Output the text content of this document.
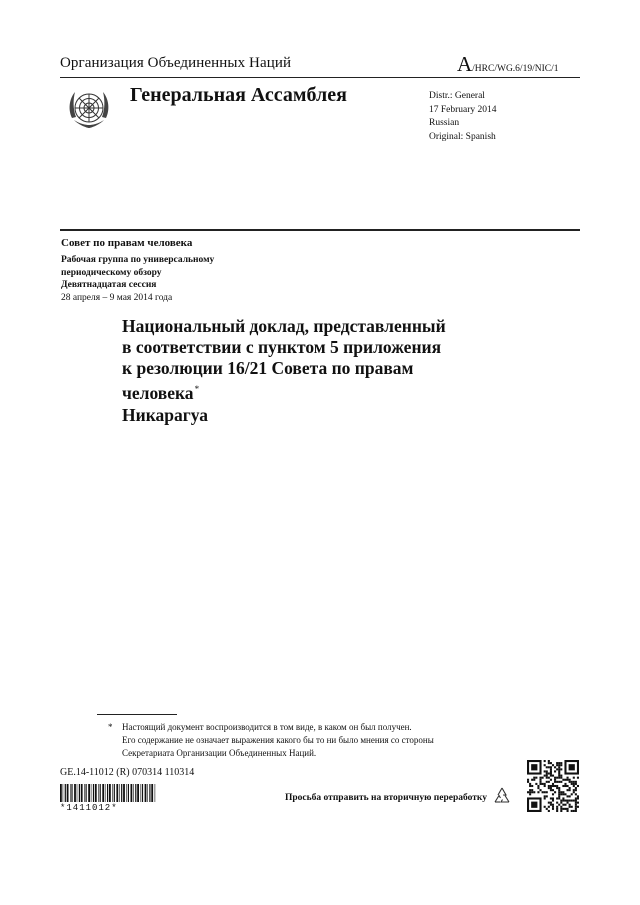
Организация Объединенных Наций	A/HRC/WG.6/19/NIC/1
Генеральная Ассамблея	Distr.: General
17 February 2014
Russian
Original: Spanish
Совет по правам человека
Рабочая группа по универсальному
периодическому обзору
Девятнадцатая сессия
28 апреля – 9 мая 2014 года
Национальный доклад, представленный
в соответствии с пунктом 5 приложения
к резолюции 16/21 Совета по правам
человека*
Никарагуа
* Настоящий документ воспроизводится в том виде, в каком он был получен.
Его содержание не означает выражения какого бы то ни было мнения со стороны
Секретариата Организации Объединенных Наций.
GE.14-11012 (R) 070314 110314
*1411012*
Просьба отправить на вторичную переработку
